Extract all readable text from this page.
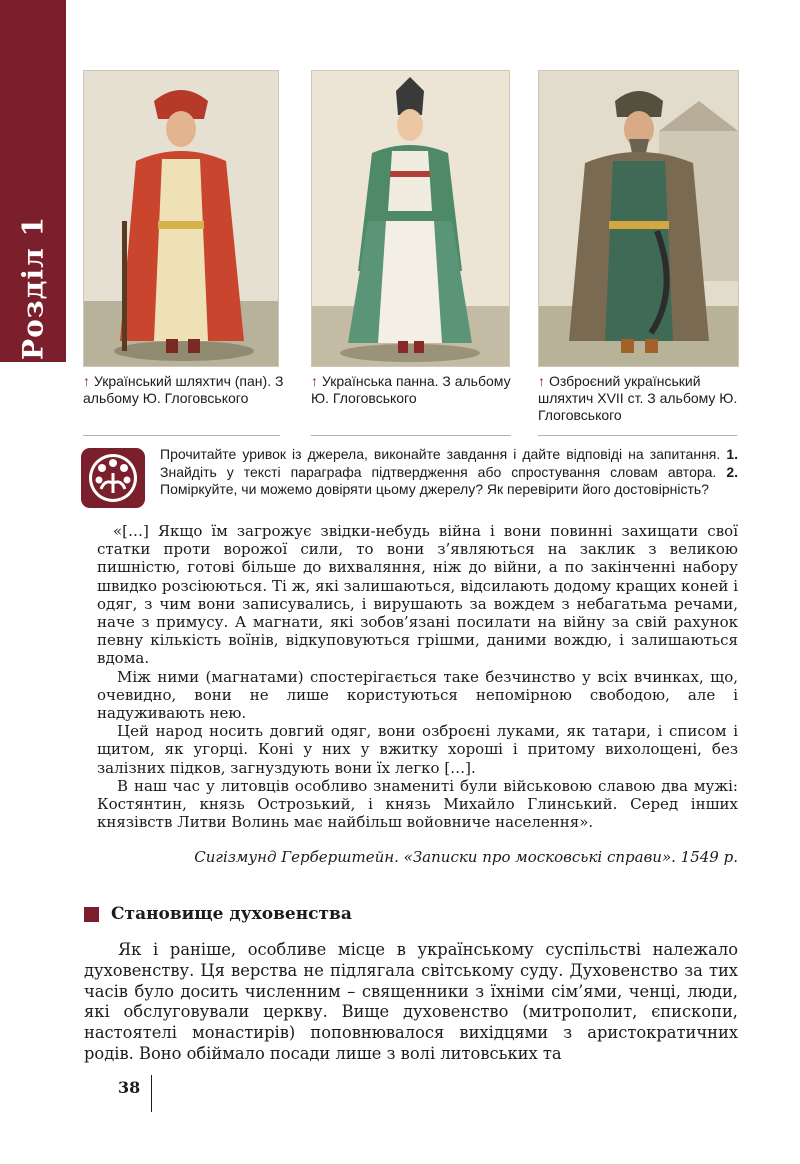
Розділ 1
↑ Український шляхтич (пан). З альбому Ю. Глоговського
↑ Українська панна. З альбому Ю. Глоговського
↑ Озброєний український шляхтич XVII ст. З альбому Ю. Глоговського
Прочитайте уривок із джерела, виконайте завдання і дайте відповіді на запитання. 1. Знайдіть у тексті параграфа підтвердження або спростування словам автора. 2. Поміркуйте, чи можемо довіряти цьому джерелу? Як перевірити його достовірність?

«[…] Якщо їм загрожує звідки-небудь війна і вони повинні захищати свої статки проти ворожої сили, то вони з’являються на заклик з великою пишністю, готові більше до вихваляння, ніж до війни, а по закінченні набору швидко розсіюються. Ті ж, які залишаються, відсилають додому кращих коней і одяг, з чим вони записувались, і вирушають за вождем з небагатьма речами, наче з примусу. А магнати, які зобов’язані посилати на війну за свій рахунок певну кількість воїнів, відкуповуються грішми, даними вождю, і залишаються вдома.

Між ними (магнатами) спостерігається таке безчинство у всіх вчинках, що, очевидно, вони не лише користуються непомірною свободою, але і надуживають нею.

Цей народ носить довгий одяг, вони озброєні луками, як татари, і списом і щитом, як угорці. Коні у них у вжитку хороші і притому вихолощені, без залізних підков, загнуздують вони їх легко […].

В наш час у литовців особливо знамениті були військовою славою два мужі: Костянтин, князь Острозький, і князь Михайло Глинський. Серед інших князівств Литви Волинь має найбільш войовниче населення».

Сигізмунд Герберштейн. «Записки про московські справи». 1549 р.
Становище духовенства

Як і раніше, особливе місце в українському суспільстві належало духовенству. Ця верства не підлягала світському суду. Духовенство за тих часів було досить численним – священники з їхніми сім’ями, ченці, люди, які обслуговували церкву. Вище духовенство (митрополит, єпископи, настоятелі монастирів) поповнювалося вихідцями з аристократичних родів. Воно обіймало посади лише з волі литовських та

38
